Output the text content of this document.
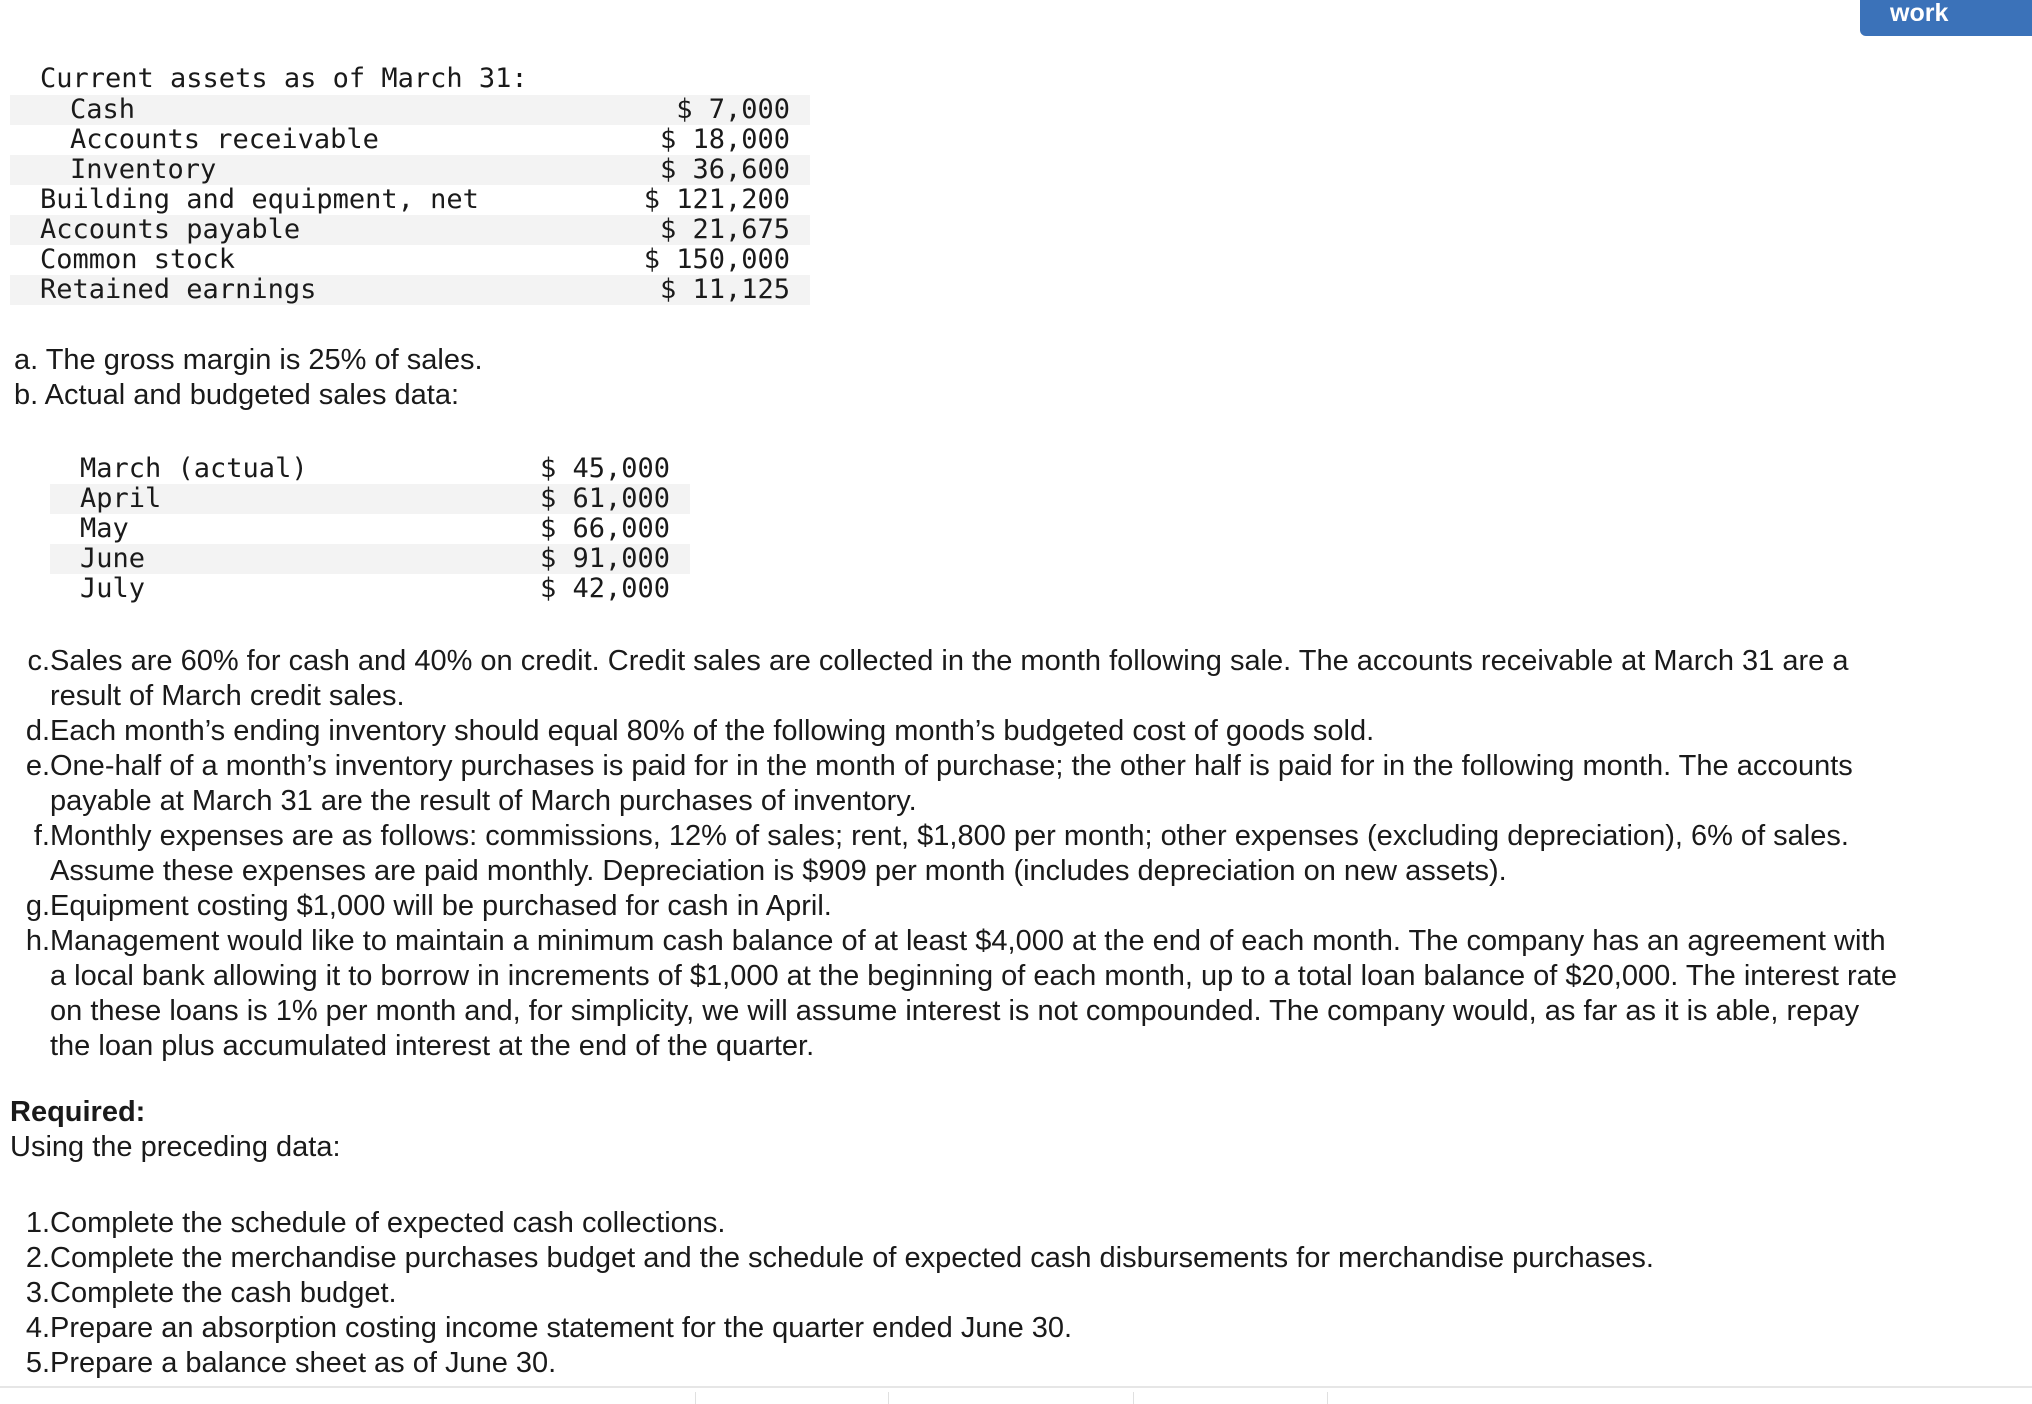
work
Current assets as of March 31:
Cash	$ 7,000
Accounts receivable	$ 18,000
Inventory	$ 36,600
Building and equipment, net	$ 121,200
Accounts payable	$ 21,675
Common stock	$ 150,000
Retained earnings	$ 11,125
a. The gross margin is 25% of sales.
b. Actual and budgeted sales data:
March (actual)	$ 45,000
April	$ 61,000
May	$ 66,000
June	$ 91,000
July	$ 42,000
c. Sales are 60% for cash and 40% on credit. Credit sales are collected in the month following sale. The accounts receivable at March 31 are a result of March credit sales.
d. Each month’s ending inventory should equal 80% of the following month’s budgeted cost of goods sold.
e. One-half of a month’s inventory purchases is paid for in the month of purchase; the other half is paid for in the following month. The accounts payable at March 31 are the result of March purchases of inventory.
f. Monthly expenses are as follows: commissions, 12% of sales; rent, $1,800 per month; other expenses (excluding depreciation), 6% of sales. Assume these expenses are paid monthly. Depreciation is $909 per month (includes depreciation on new assets).
g. Equipment costing $1,000 will be purchased for cash in April.
h. Management would like to maintain a minimum cash balance of at least $4,000 at the end of each month. The company has an agreement with a local bank allowing it to borrow in increments of $1,000 at the beginning of each month, up to a total loan balance of $20,000. The interest rate on these loans is 1% per month and, for simplicity, we will assume interest is not compounded. The company would, as far as it is able, repay the loan plus accumulated interest at the end of the quarter.
Required:
Using the preceding data:
1. Complete the schedule of expected cash collections.
2. Complete the merchandise purchases budget and the schedule of expected cash disbursements for merchandise purchases.
3. Complete the cash budget.
4. Prepare an absorption costing income statement for the quarter ended June 30.
5. Prepare a balance sheet as of June 30.
